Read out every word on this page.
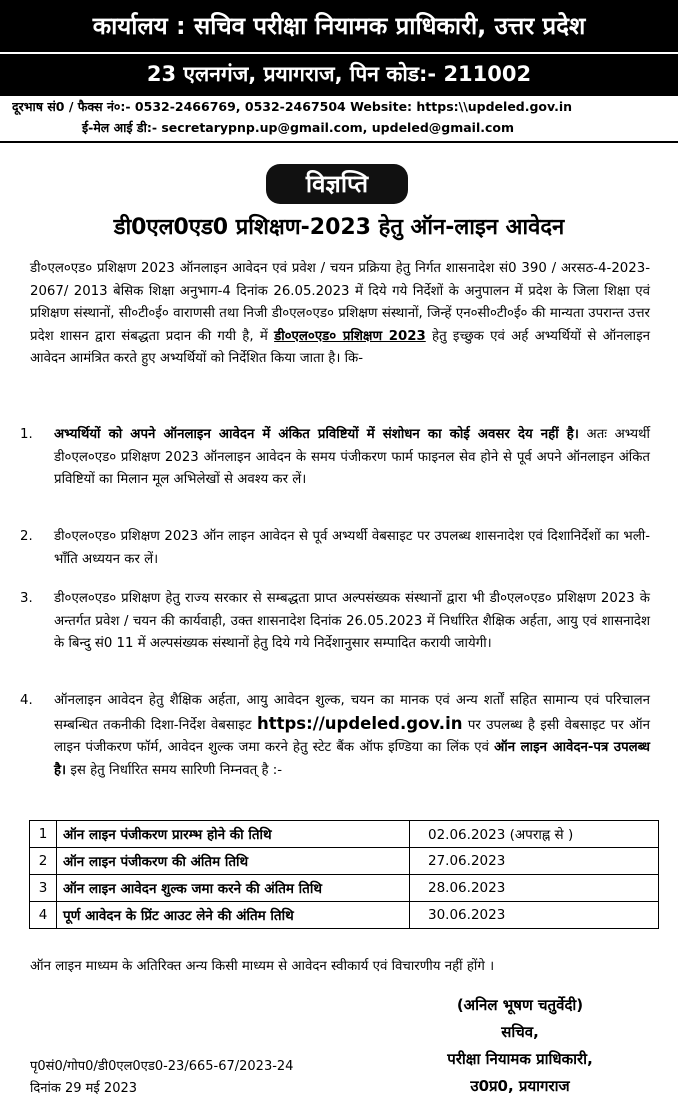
कार्यालय : सचिव परीक्षा नियामक प्राधिकारी, उत्तर प्रदेश
23 एलनगंज, प्रयागराज, पिन कोड:- 211002
दूरभाष सं0 / फैक्स नं०:- 0532-2466769, 0532-2467504 Website: https:\\updeled.gov.in
ई-मेल आई डी:- secretarypnp.up@gmail.com, updeled@gmail.com
विज्ञप्ति
डी0एल0एड0 प्रशिक्षण-2023 हेतु ऑन-लाइन आवेदन
डी०एल०एड० प्रशिक्षण 2023 ऑनलाइन आवेदन एवं प्रवेश / चयन प्रक्रिया हेतु निर्गत शासनादेश सं0 390 / अरसठ-4-2023-2067/ 2013 बेसिक शिक्षा अनुभाग-4 दिनांक 26.05.2023 में दिये गये निर्देशों के अनुपालन में प्रदेश के जिला शिक्षा एवं प्रशिक्षण संस्थानों, सी०टी०ई० वाराणसी तथा निजी डी०एल०एड० प्रशिक्षण संस्थानों, जिन्हें एन०सी०टी०ई० की मान्यता उपरान्त उत्तर प्रदेश शासन द्वारा संबद्धता प्रदान की गयी है, में डी०एल०एड० प्रशिक्षण 2023 हेतु इच्छुक एवं अर्ह अभ्यर्थियों से ऑनलाइन आवेदन आमंत्रित करते हुए अभ्यर्थियों को निर्देशित किया जाता है। कि-
1.	अभ्यर्थियों को अपने ऑनलाइन आवेदन में अंकित प्रविष्टियों में संशोधन का कोई अवसर देय नहीं है। अतः अभ्यर्थी डी०एल०एड० प्रशिक्षण 2023 ऑनलाइन आवेदन के समय पंजीकरण फार्म फाइनल सेव होने से पूर्व अपने ऑनलाइन अंकित प्रविष्टियों का मिलान मूल अभिलेखों से अवश्य कर लें।
2.	डी०एल०एड० प्रशिक्षण 2023 ऑन लाइन आवेदन से पूर्व अभ्यर्थी वेबसाइट पर उपलब्ध शासनादेश एवं दिशानिर्देशों का भली-भाँति अध्ययन कर लें।
3.	डी०एल०एड० प्रशिक्षण हेतु राज्य सरकार से सम्बद्धता प्राप्त अल्पसंख्यक संस्थानों द्वारा भी डी०एल०एड० प्रशिक्षण 2023 के अन्तर्गत प्रवेश / चयन की कार्यवाही, उक्त शासनादेश दिनांक 26.05.2023 में निर्धारित शैक्षिक अर्हता, आयु एवं शासनादेश के बिन्दु सं0 11 में अल्पसंख्यक संस्थानों हेतु दिये गये निर्देशानुसार सम्पादित करायी जायेगी।
4.	ऑनलाइन आवेदन हेतु शैक्षिक अर्हता, आयु आवेदन शुल्क, चयन का मानक एवं अन्य शर्तों सहित सामान्य एवं परिचालन सम्बन्धित तकनीकी दिशा-निर्देश वेबसाइट https://updeled.gov.in पर उपलब्ध है इसी वेबसाइट पर ऑन लाइन पंजीकरण फॉर्म, आवेदन शुल्क जमा करने हेतु स्टेट बैंक ऑफ इण्डिया का लिंक एवं ऑन लाइन आवेदन-पत्र उपलब्ध है। इस हेतु निर्धारित समय सारिणी निम्नवत् है :-
1	ऑन लाइन पंजीकरण प्रारम्भ होने की तिथि	02.06.2023 (अपराह्न से )
2	ऑन लाइन पंजीकरण की अंतिम तिथि	27.06.2023
3	ऑन लाइन आवेदन शुल्क जमा करने की अंतिम तिथि	28.06.2023
4	पूर्ण आवेदन के प्रिंट आउट लेने की अंतिम तिथि	30.06.2023
ऑन लाइन माध्यम के अतिरिक्त अन्य किसी माध्यम से आवेदन स्वीकार्य एवं विचारणीय नहीं होंगे ।
(अनिल भूषण चतुर्वेदी)
सचिव,
परीक्षा नियामक प्राधिकारी,
उ0प्र0, प्रयागराज
पृ0सं0/गोप0/डी0एल0एड0-23/665-67/2023-24
दिनांक 29 मई 2023
